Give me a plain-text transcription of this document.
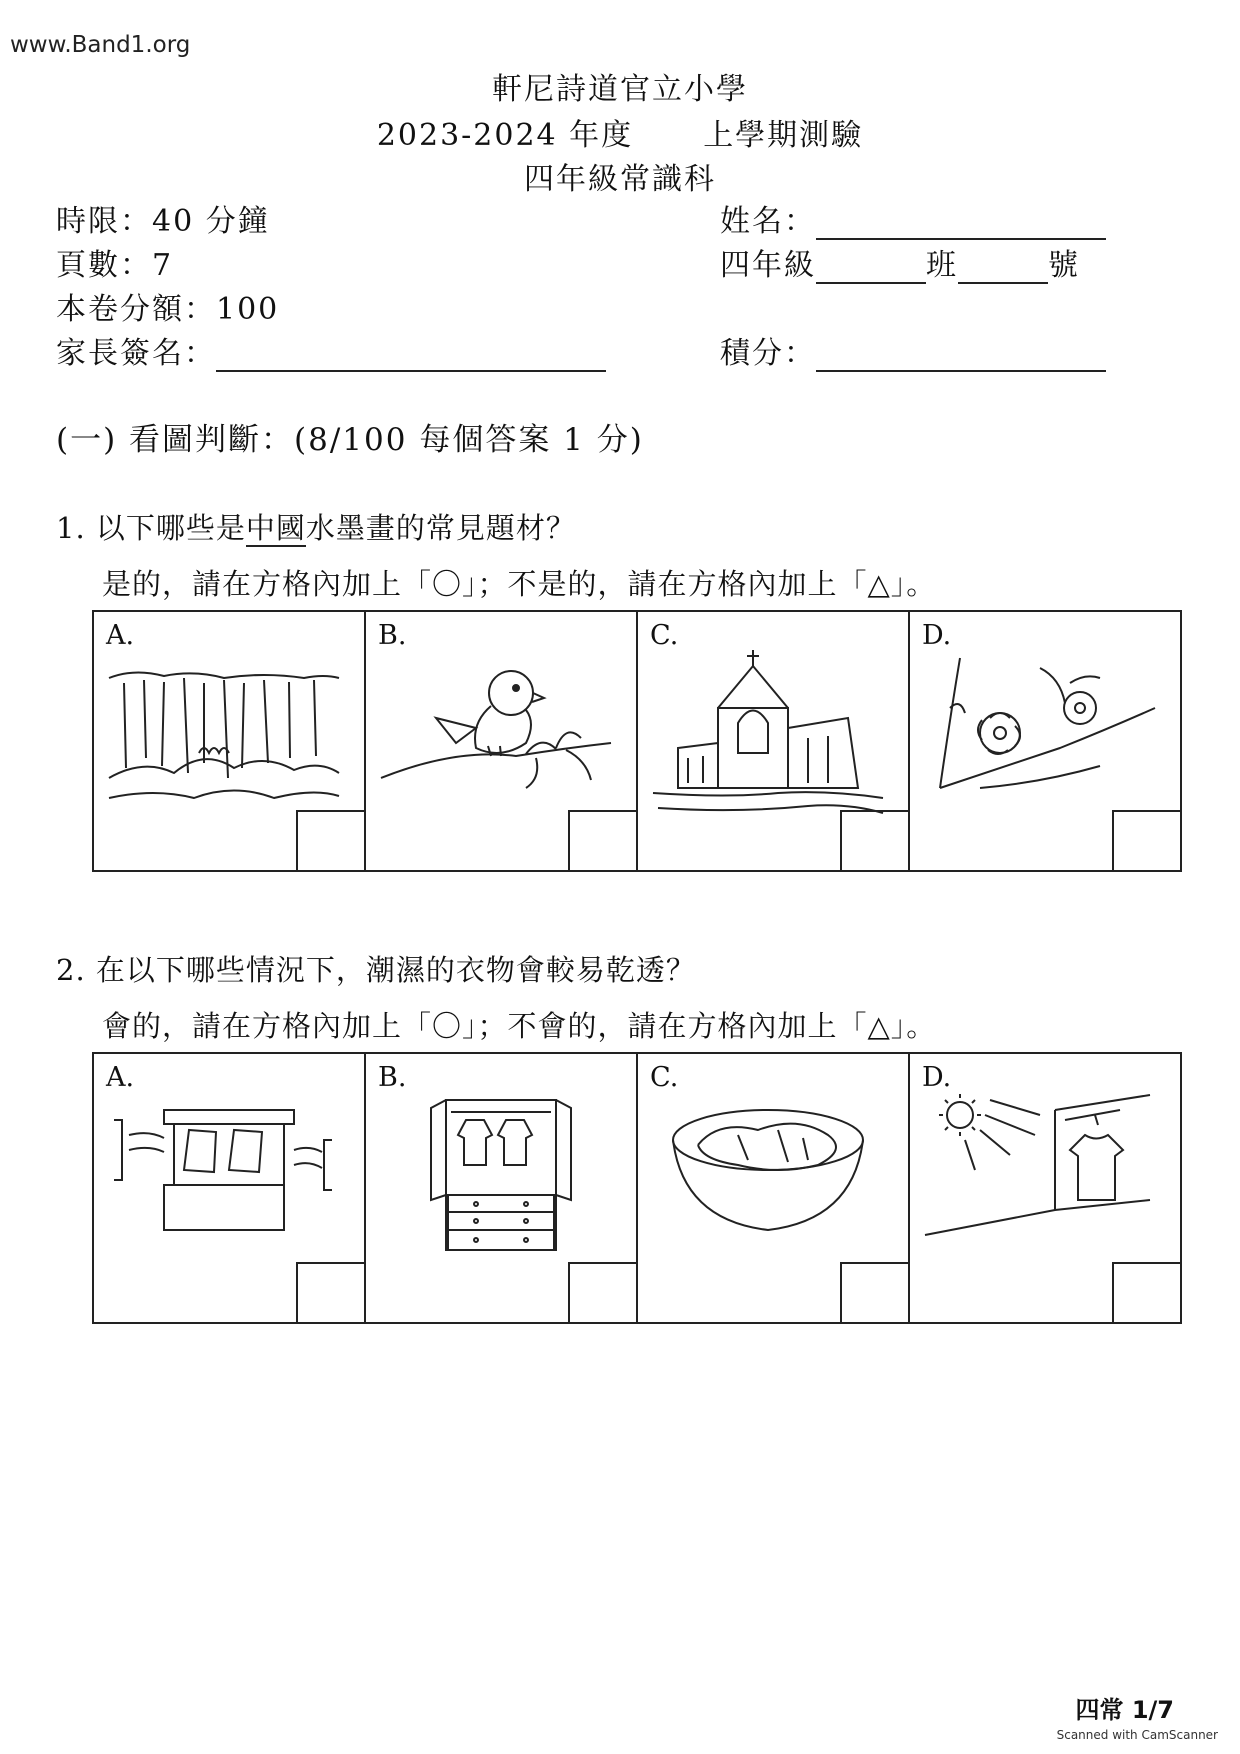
www.Band1.org
軒尼詩道官立小學
2023-2024 年度 上學期測驗
四年級常識科
時限：40 分鐘
頁數：7
本卷分額：100
家長簽名：
姓名：
四年級	班	號
積分：
(一) 看圖判斷：(8/100 每個答案 1 分)
1. 以下哪些是中國水墨畫的常見題材？
是的，請在方格內加上「〇」；不是的，請在方格內加上「△」。
A.	B.	C.	D.
2. 在以下哪些情況下，潮濕的衣物會較易乾透？
會的，請在方格內加上「〇」；不會的，請在方格內加上「△」。
A.	B.	C.	D.
四常 1/7
Scanned with CamScanner
